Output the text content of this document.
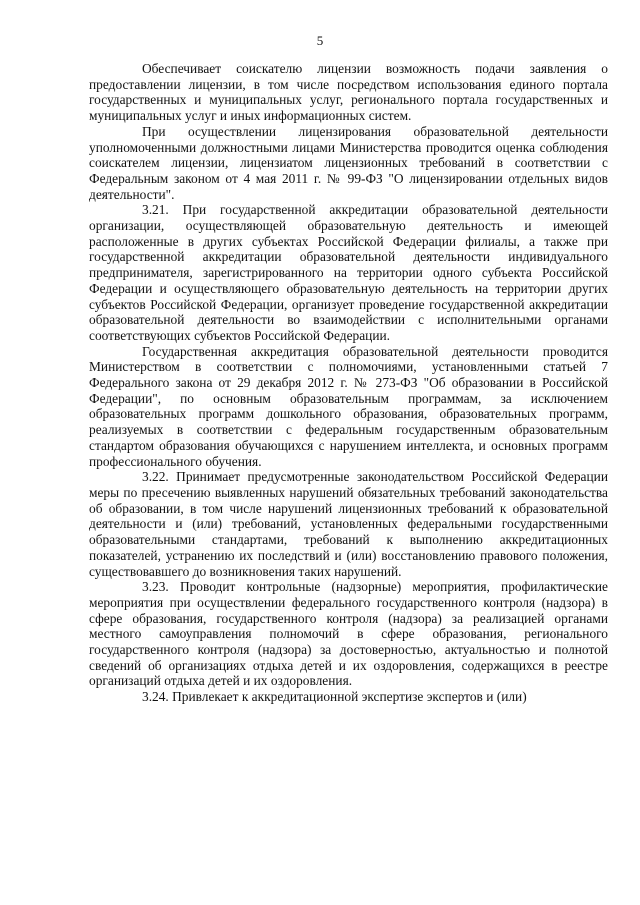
5

Обеспечивает соискателю лицензии возможность подачи заявления о предоставлении лицензии, в том числе посредством использования единого портала государственных и муниципальных услуг, регионального портала государственных и муниципальных услуг и иных информационных систем.

При осуществлении лицензирования образовательной деятельности уполномоченными должностными лицами Министерства проводится оценка соблюдения соискателем лицензии, лицензиатом лицензионных требований в соответствии с Федеральным законом от 4 мая 2011 г. № 99-ФЗ "О лицензировании отдельных видов деятельности".

3.21. При государственной аккредитации образовательной деятельности организации, осуществляющей образовательную деятельность и имеющей расположенные в других субъектах Российской Федерации филиалы, а также при государственной аккредитации образовательной деятельности индивидуального предпринимателя, зарегистрированного на территории одного субъекта Российской Федерации и осуществляющего образовательную деятельность на территории других субъектов Российской Федерации, организует проведение государственной аккредитации образовательной деятельности во взаимодействии с исполнительными органами соответствующих субъектов Российской Федерации.

Государственная аккредитация образовательной деятельности проводится Министерством в соответствии с полномочиями, установленными статьей 7 Федерального закона от 29 декабря 2012 г. № 273-ФЗ "Об образовании в Российской Федерации", по основным образовательным программам, за исключением образовательных программ дошкольного образования, образовательных программ, реализуемых в соответствии с федеральным государственным образовательным стандартом образования обучающихся с нарушением интеллекта, и основных программ профессионального обучения.

3.22. Принимает предусмотренные законодательством Российской Федерации меры по пресечению выявленных нарушений обязательных требований законодательства об образовании, в том числе нарушений лицензионных требований к образовательной деятельности и (или) требований, установленных федеральными государственными образовательными стандартами, требований к выполнению аккредитационных показателей, устранению их последствий и (или) восстановлению правового положения, существовавшего до возникновения таких нарушений.

3.23. Проводит контрольные (надзорные) мероприятия, профилактические мероприятия при осуществлении федерального государственного контроля (надзора) в сфере образования, государственного контроля (надзора) за реализацией органами местного самоуправления полномочий в сфере образования, регионального государственного контроля (надзора) за достоверностью, актуальностью и полнотой сведений об организациях отдыха детей и их оздоровления, содержащихся в реестре организаций отдыха детей и их оздоровления.

3.24. Привлекает к аккредитационной экспертизе экспертов и (или)
